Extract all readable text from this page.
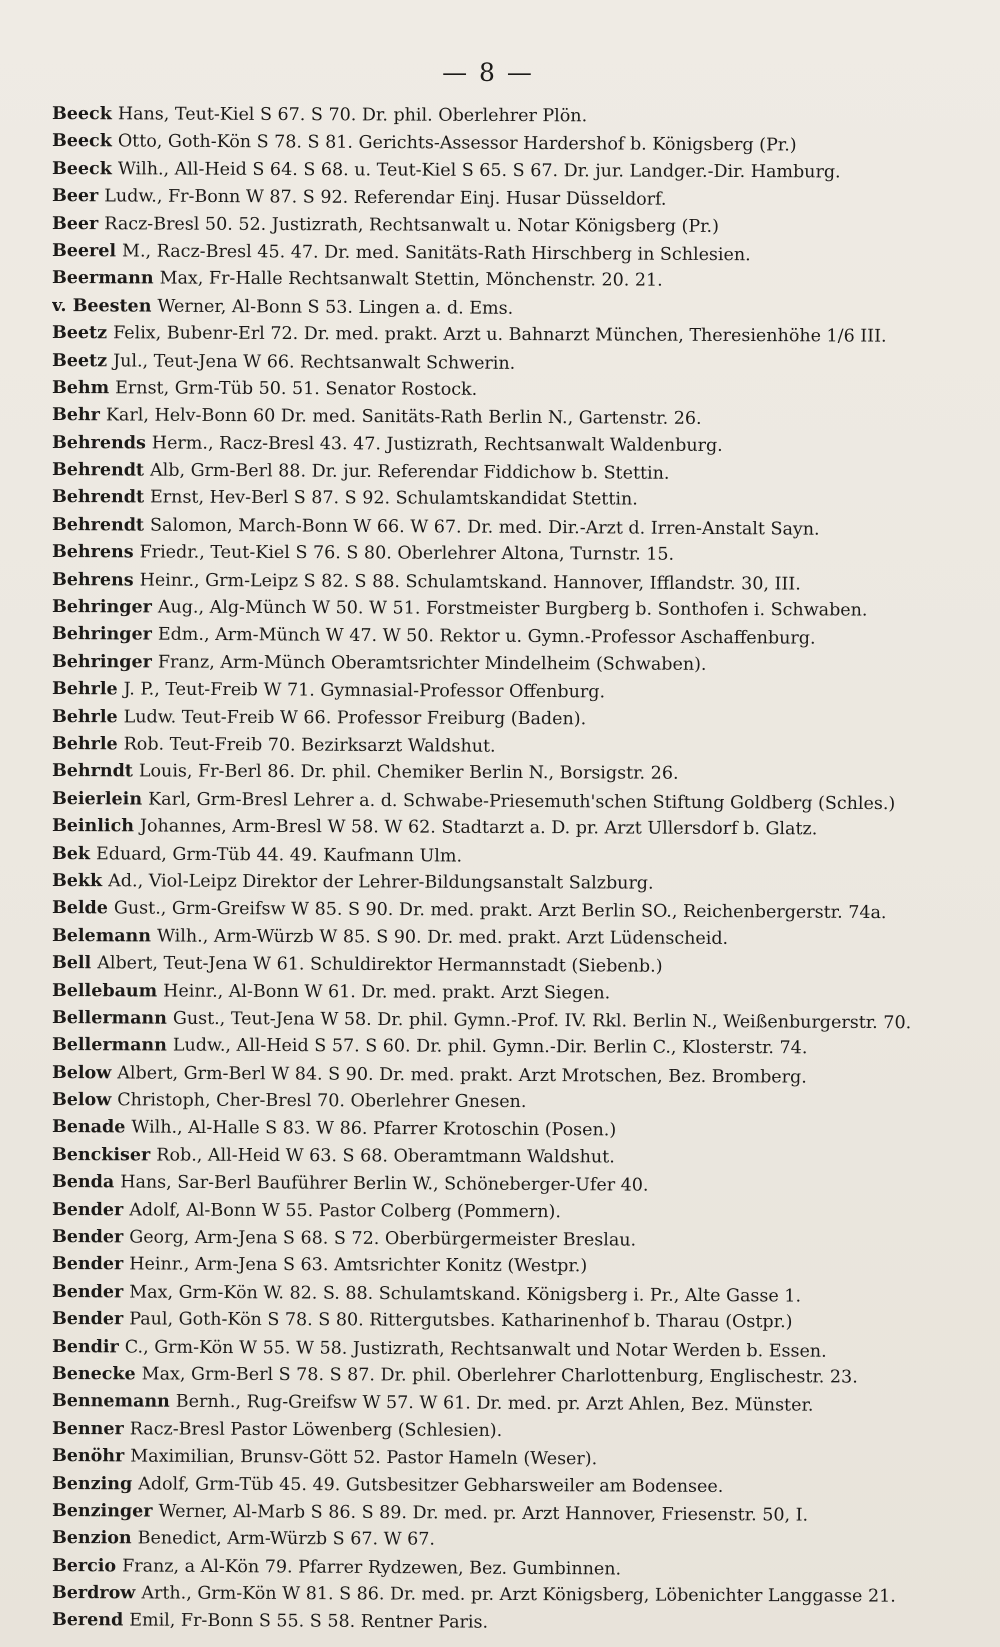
— 8 —
Beeck Hans, Teut-Kiel S 67. S 70. Dr. phil. Oberlehrer Plön.
Beeck Otto, Goth-Kön S 78. S 81. Gerichts-Assessor Hardershof b. Königsberg (Pr.)
Beeck Wilh., All-Heid S 64. S 68. u. Teut-Kiel S 65. S 67. Dr. jur. Landger.-Dir. Hamburg.
Beer Ludw., Fr-Bonn W 87. S 92. Referendar Einj. Husar Düsseldorf.
Beer Racz-Bresl 50. 52. Justizrath, Rechtsanwalt u. Notar Königsberg (Pr.)
Beerel M., Racz-Bresl 45. 47. Dr. med. Sanitäts-Rath Hirschberg in Schlesien.
Beermann Max, Fr-Halle Rechtsanwalt Stettin, Mönchenstr. 20. 21.
v. Beesten Werner, Al-Bonn S 53. Lingen a. d. Ems.
Beetz Felix, Bubenr-Erl 72. Dr. med. prakt. Arzt u. Bahnarzt München, Theresienhöhe 1/6 III.
Beetz Jul., Teut-Jena W 66. Rechtsanwalt Schwerin.
Behm Ernst, Grm-Tüb 50. 51. Senator Rostock.
Behr Karl, Helv-Bonn 60 Dr. med. Sanitäts-Rath Berlin N., Gartenstr. 26.
Behrends Herm., Racz-Bresl 43. 47. Justizrath, Rechtsanwalt Waldenburg.
Behrendt Alb, Grm-Berl 88. Dr. jur. Referendar Fiddichow b. Stettin.
Behrendt Ernst, Hev-Berl S 87. S 92. Schulamtskandidat Stettin.
Behrendt Salomon, March-Bonn W 66. W 67. Dr. med. Dir.-Arzt d. Irren-Anstalt Sayn.
Behrens Friedr., Teut-Kiel S 76. S 80. Oberlehrer Altona, Turnstr. 15.
Behrens Heinr., Grm-Leipz S 82. S 88. Schulamtskand. Hannover, Ifflandstr. 30, III.
Behringer Aug., Alg-Münch W 50. W 51. Forstmeister Burgberg b. Sonthofen i. Schwaben.
Behringer Edm., Arm-Münch W 47. W 50. Rektor u. Gymn.-Professor Aschaffenburg.
Behringer Franz, Arm-Münch Oberamtsrichter Mindelheim (Schwaben).
Behrle J. P., Teut-Freib W 71. Gymnasial-Professor Offenburg.
Behrle Ludw. Teut-Freib W 66. Professor Freiburg (Baden).
Behrle Rob. Teut-Freib 70. Bezirksarzt Waldshut.
Behrndt Louis, Fr-Berl 86. Dr. phil. Chemiker Berlin N., Borsigstr. 26.
Beierlein Karl, Grm-Bresl Lehrer a. d. Schwabe-Priesemuth'schen Stiftung Goldberg (Schles.)
Beinlich Johannes, Arm-Bresl W 58. W 62. Stadtarzt a. D. pr. Arzt Ullersdorf b. Glatz.
Bek Eduard, Grm-Tüb 44. 49. Kaufmann Ulm.
Bekk Ad., Viol-Leipz Direktor der Lehrer-Bildungsanstalt Salzburg.
Belde Gust., Grm-Greifsw W 85. S 90. Dr. med. prakt. Arzt Berlin SO., Reichenbergerstr. 74a.
Belemann Wilh., Arm-Würzb W 85. S 90. Dr. med. prakt. Arzt Lüdenscheid.
Bell Albert, Teut-Jena W 61. Schuldirektor Hermannstadt (Siebenb.)
Bellebaum Heinr., Al-Bonn W 61. Dr. med. prakt. Arzt Siegen.
Bellermann Gust., Teut-Jena W 58. Dr. phil. Gymn.-Prof. IV. Rkl. Berlin N., Weißenburgerstr. 70.
Bellermann Ludw., All-Heid S 57. S 60. Dr. phil. Gymn.-Dir. Berlin C., Klosterstr. 74.
Below Albert, Grm-Berl W 84. S 90. Dr. med. prakt. Arzt Mrotschen, Bez. Bromberg.
Below Christoph, Cher-Bresl 70. Oberlehrer Gnesen.
Benade Wilh., Al-Halle S 83. W 86. Pfarrer Krotoschin (Posen.)
Benckiser Rob., All-Heid W 63. S 68. Oberamtmann Waldshut.
Benda Hans, Sar-Berl Bauführer Berlin W., Schöneberger-Ufer 40.
Bender Adolf, Al-Bonn W 55. Pastor Colberg (Pommern).
Bender Georg, Arm-Jena S 68. S 72. Oberbürgermeister Breslau.
Bender Heinr., Arm-Jena S 63. Amtsrichter Konitz (Westpr.)
Bender Max, Grm-Kön W. 82. S. 88. Schulamtskand. Königsberg i. Pr., Alte Gasse 1.
Bender Paul, Goth-Kön S 78. S 80. Rittergutsbes. Katharinenhof b. Tharau (Ostpr.)
Bendir C., Grm-Kön W 55. W 58. Justizrath, Rechtsanwalt und Notar Werden b. Essen.
Benecke Max, Grm-Berl S 78. S 87. Dr. phil. Oberlehrer Charlottenburg, Englischestr. 23.
Bennemann Bernh., Rug-Greifsw W 57. W 61. Dr. med. pr. Arzt Ahlen, Bez. Münster.
Benner Racz-Bresl Pastor Löwenberg (Schlesien).
Benöhr Maximilian, Brunsv-Gött 52. Pastor Hameln (Weser).
Benzing Adolf, Grm-Tüb 45. 49. Gutsbesitzer Gebharsweiler am Bodensee.
Benzinger Werner, Al-Marb S 86. S 89. Dr. med. pr. Arzt Hannover, Friesenstr. 50, I.
Benzion Benedict, Arm-Würzb S 67. W 67.
Bercio Franz, a Al-Kön 79. Pfarrer Rydzewen, Bez. Gumbinnen.
Berdrow Arth., Grm-Kön W 81. S 86. Dr. med. pr. Arzt Königsberg, Löbenichter Langgasse 21.
Berend Emil, Fr-Bonn S 55. S 58. Rentner Paris.
